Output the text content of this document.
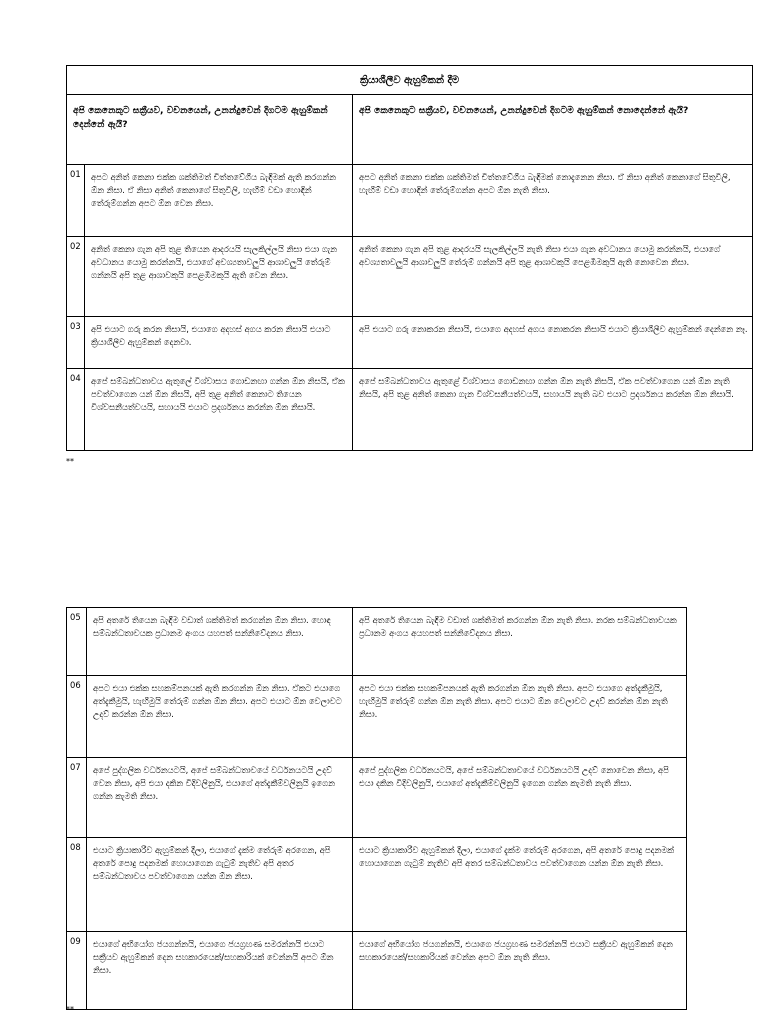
ක්‍රියාශීලීව ඇහුම්කන් දීම		
අපි කෙනෙකුට සක්‍රීයව, වචනයෙන්, උනන්දුවෙන් දිගටම ඇහුම්කන් දෙන්නේ ඇයි?		අපි කෙනෙකුට සක්‍රීයව, වචනයෙන්, උනන්දුවෙන් දිගටම ඇහුම්කන් නොදෙන්නේ ඇයි?
01	අපට අනිත් කෙනා එක්ක ශක්තිමත් චිත්තවේගීය බැඳීමක් ඇති කරගන්න ඕන නිසා. ඒ නිසා අනිත් කෙනාගේ සිතුවිලි, හැඟීම් වඩා හොඳින් තේරුම්ගන්න අපට ඕන වෙන නිසා.	අපට අනිත් කෙනා එක්ක ශක්තිමත් චිත්තවේගීය බැඳීමක් නොදැනෙන නිසා. ඒ නිසා අනිත් කෙනාගේ සිතුවිලි, හැඟීම් වඩා හොඳින් තේරුම්ගන්න අපට ඕන නැති නිසා.

02	අනිත් කෙනා ගැන අපි තුළ තියෙන ආදරයයි සැලකිල්ලයි නිසා එයා ගැන අවධානය යොමු කරන්නයි, එයාගේ අවශ්‍යතාවලුයි ආශාවලුයි තේරුම් ගන්නයි අපි තුළ ආශාවකුයි පෙළඹීමකුයි ඇති වෙන නිසා.	අනිත් කෙනා ගැන අපි තුළ ආදරයයි සැලකිල්ලයි නැති නිසා එයා ගැන අවධානය යොමු කරන්නයි, එයාගේ අවශ්‍යතාවලුයි ආශාවලුයි තේරුම් ගන්නයි අපි තුළ ආශාවකුයි පෙළඹීමකුයි ඇති නොවෙන නිසා.

03	අපි එයාට ගරු කරන නිසායි, එයාගෙ අදහස් අගය කරන නිසායි එයාට ක්‍රියාශීලීව ඇහුම්කන් දෙනවා.	අපි එයාට ගරු නොකරන නිසායි, එයාගෙ අදහස් අගය නොකරන නිසායි එයාට ක්‍රියාශීලීව ඇහුම්කන් දෙන්නෙ නෑ.

04	අපේ සම්බන්ධතාවය ඇතුලේ විශ්වාසය ගොඩනඟා ගන්න ඕන නිසයි, ඒක පවත්වාගෙන යන් ඕන නිසයි, අපි තුළ අනිත් කෙනාට තියෙන විශ්වසනීයත්වයයි, සහායයි එයාට ප්‍රදර්ශනය කරන්න ඕන නිසායි.	අපේ සම්බන්ධතාවය ඇතුළේ විශ්වාසය ගොඩනඟා ගන්න ඕන නැති නිසයි, ඒක පවත්වාගෙන යන් ඕන නැති නිසයි, අපි තුළ අනිත් කෙනා ගැන විශ්වසනීයත්වයයි, සහායයි නැති බව එයාට ප්‍රදර්ශනය කරන්න ඕන නිසායි.
**
05	අපි අතරේ තියෙන බැඳීම වඩාත් ශක්තිමත් කරගන්න ඕන නිසා. හොඳ සම්බන්ධතාවයක ප්‍රධානම අංගය යහපත් සන්නිවේදනය නිසා.	අපි අතරේ තියෙන බැඳීම වඩාත් ශක්තිමත් කරගන්න ඕන නැති නිසා. නරක සම්බන්ධතාවයක ප්‍රධානම අංගය අයහපත් සන්නිවේදනය නිසා.

06	අපට එයා එක්ක සහකම්පනයක් ඇති කරගන්න ඕන නිසා. ඒකට එයාගෙ අත්දැකීමුයි, හැඟීමුයි තේරුම් ගන්න ඕන නිසා. අපට එයාට ඕන වෙලාවට උදව් කරන්න ඕන නිසා.	අපට එයා එක්ක සහකම්පනයක් ඇති කරගන්න ඕන නැති නිසා. අපට එයාගෙ අත්දැකීමුයි, හැඟීමුයි තේරුම් ගන්න ඕන නැති නිසා. අපට එයාට ඕන වෙලාවට උදව් කරන්න ඕන නැති නිසා.

07	අපේ පුද්ගලික වර්ධනයටයි, අපේ සම්බන්ධතාවයේ වර්ධනයටයි උදව් වෙන නිසා, අපි එයා දකින විදිවලිනුයි, එයාගේ අත්දැකීම්වලිනුයි ඉගෙන ගන්න කැමති නිසා.	අපේ පුද්ගලික වර්ධනයටයි, අපේ සම්බන්ධතාවයේ වර්ධනයටයි උදව් නොවෙන නිසා, අපි එයා දකින විදිවලිනුයි, එයාගේ අත්දැකීම්වලිනුයි ඉගෙන ගන්න කැමති නැති නිසා.

08	එයාට ක්‍රියාකාරීව ඇහුම්කන් දීලා, එයාගේ දැක්ම තේරුම් අරගෙන, අපි අතරේ පොදු පදනමක් හොයාගෙන ගැටුම් නැතිව අපි අතර සම්බන්ධතාවය පවත්වාගෙන යන්න ඕන නිසා.	එයාට ක්‍රියාකාරීව ඇහුම්කන් දීලා, එයාගේ දැක්ම තේරුම් අරගෙන, අපි අතරේ පොදු පදනමක් හොයාගෙන ගැටුම් නැතිව අපි අතර සම්බන්ධතාවය පවත්වාගෙන යන්න ඕන නැති නිසා.

09	එයාගේ අභියෝග ජයගන්නයි, එයාගෙ ජයග්‍රහණ සමරන්නයි එයාට සක්‍රීයව ඇහුම්කන් දෙන සහකාරයෙක්/සහකාරියක් වෙන්නයි අපට ඕන නිසා.	එයාගේ අභියෝග ජයගන්නයි, එයාගෙ ජයග්‍රහණ සමරන්නයි එයාට සක්‍රීයව ඇහුම්කන් දෙන සහකාරයෙක්/සහකාරියක් වෙන්න අපට ඕන නැති නිසා.
**
